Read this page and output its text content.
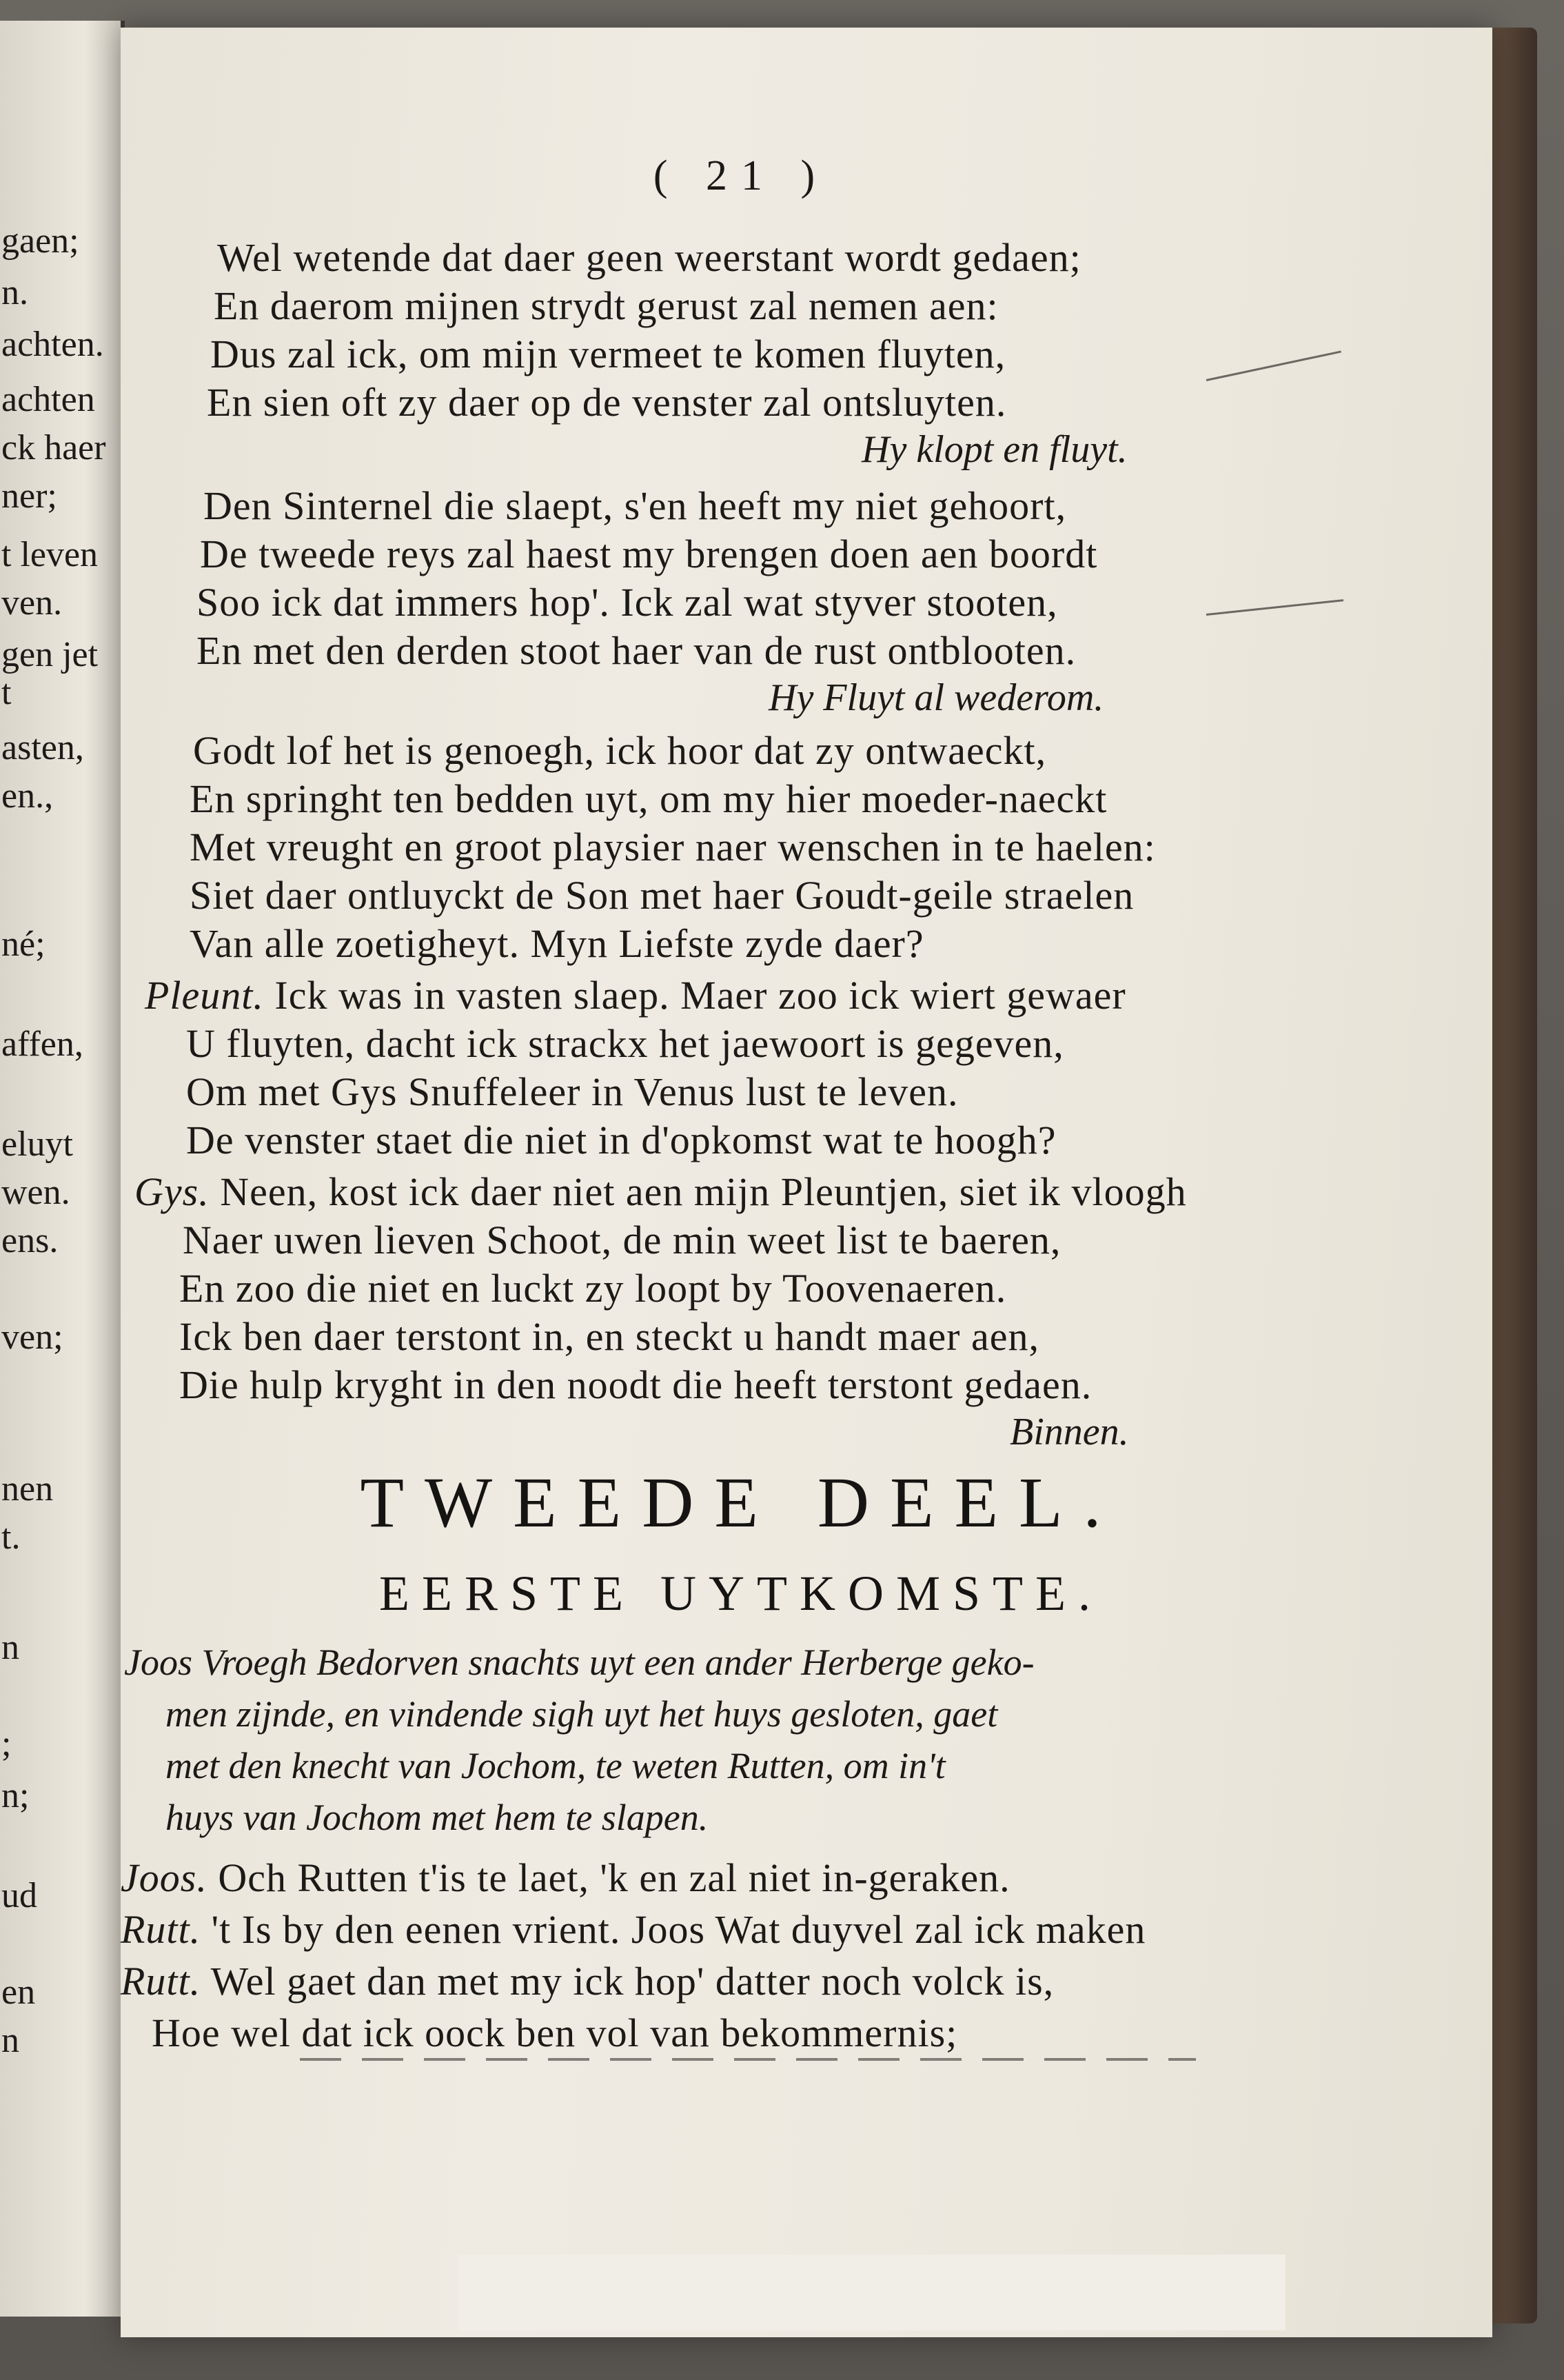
gaen;
n.
achten.
achten
ck haer
ner;
t leven
ven.
gen jet
t
asten,
en.,
né;
affen,
eluyt
wen.
ens.
ven;
nen
t.
n
;
n;
ud
en
n
( 21 )
Wel wetende dat daer geen weerstant wordt gedaen;
En daerom mijnen strydt gerust zal nemen aen:
Dus zal ick, om mijn vermeet te komen fluyten,
En sien oft zy daer op de venster zal ontsluyten.
Hy klopt en fluyt.
Den Sinternel die slaept, s'en heeft my niet gehoort,
De tweede reys zal haest my brengen doen aen boordt
Soo ick dat immers hop'. Ick zal wat styver stooten,
En met den derden stoot haer van de rust ontblooten.
Hy Fluyt al wederom.
Godt lof het is genoegh, ick hoor dat zy ontwaeckt,
En springht ten bedden uyt, om my hier moeder-naeckt
Met vreught en groot playsier naer wenschen in te haelen:
Siet daer ontluyckt de Son met haer Goudt-geile straelen
Van alle zoetigheyt. Myn Liefste zyde daer?
Pleunt. Ick was in vasten slaep. Maer zoo ick wiert gewaer
U fluyten, dacht ick strackx het jaewoort is gegeven,
Om met Gys Snuffeleer in Venus lust te leven.
De venster staet die niet in d'opkomst wat te hoogh?
Gys. Neen, kost ick daer niet aen mijn Pleuntjen, siet ik vloogh
Naer uwen lieven Schoot, de min weet list te baeren,
En zoo die niet en luckt zy loopt by Toovenaeren.
Ick ben daer terstont in, en steckt u handt maer aen,
Die hulp kryght in den noodt die heeft terstont gedaen.
Binnen.
TWEEDE DEEL.
EERSTE UYTKOMSTE.
Joos Vroegh Bedorven snachts uyt een ander Herberge geko-
men zijnde, en vindende sigh uyt het huys gesloten, gaet
met den knecht van Jochom, te weten Rutten, om in't
huys van Jochom met hem te slapen.
Joos. Och Rutten t'is te laet, 'k en zal niet in-geraken.
Rutt. 't Is by den eenen vrient. Joos Wat duyvel zal ick maken
Rutt. Wel gaet dan met my ick hop' datter noch volck is,
Hoe wel dat ick oock ben vol van bekommernis;
